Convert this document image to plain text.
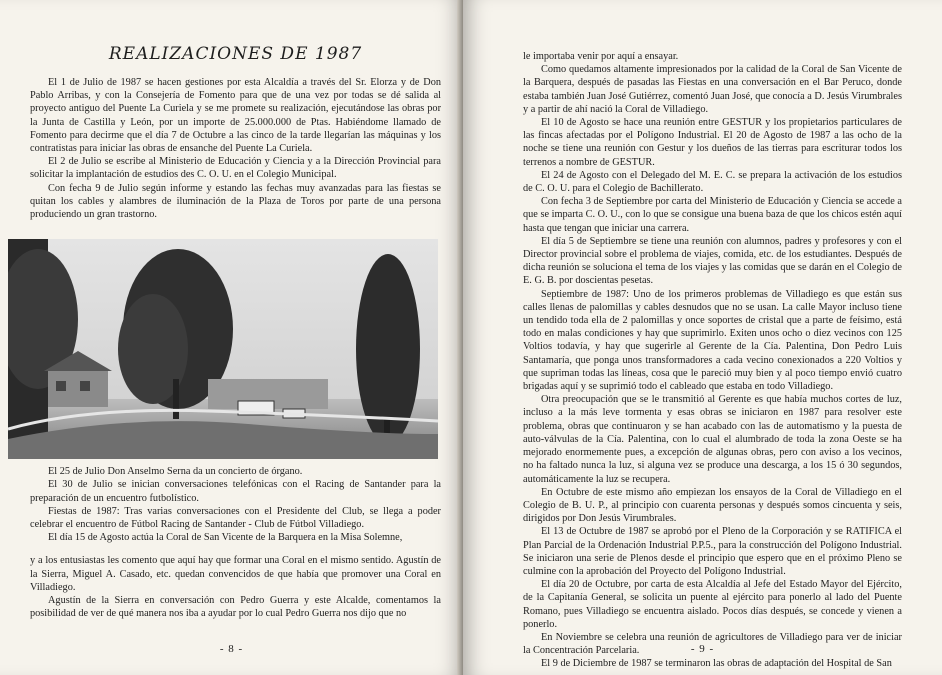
REALIZACIONES DE 1987

El 1 de Julio de 1987 se hacen gestiones por esta Alcaldía a través del Sr. Elorza y de Don Pablo Arribas, y con la Consejería de Fomento para que de una vez por todas se dé salida al proyecto antiguo del Puente La Curiela y se me promete su realización, ejecutándose las obras por la Junta de Castilla y León, por un importe de 25.000.000 de Ptas. Habiéndome llamado de Fomento para decirme que el día 7 de Octubre a las cinco de la tarde llegarían las máquinas y los contratistas para iniciar las obras de ensanche del Puente La Curiela.

El 2 de Julio se escribe al Ministerio de Educación y Ciencia y a la Dirección Provincial para solicitar la implantación de estudios des C. O. U. en el Colegio Municipal.

Con fecha 9 de Julio según informe y estando las fechas muy avanzadas para las fiestas se quitan los cables y alambres de iluminación de la Plaza de Toros por parte de una persona produciendo un gran trastorno.

El 25 de Julio Don Anselmo Serna da un concierto de órgano.

El 30 de Julio se inician conversaciones telefónicas con el Racing de Santander para la preparación de un encuentro futbolístico.

Fiestas de 1987: Tras varias conversaciones con el Presidente del Club, se llega a poder celebrar el encuentro de Fútbol Racing de Santander - Club de Fútbol Villadiego.

El día 15 de Agosto actúa la Coral de San Vicente de la Barquera en la Misa Solemne,

y a los entusiastas les comento que aquí hay que formar una Coral en el mismo sentido. Agustín de la Sierra, Miguel A. Casado, etc. quedan convencidos de que había que promover una Coral en Villadiego.

Agustín de la Sierra en conversación con Pedro Guerra y este Alcalde, comentamos la posibilidad de ver de qué manera nos iba a ayudar por lo cual Pedro Guerra nos dijo que no

- 8 -

le importaba venir por aquí a ensayar.

Como quedamos altamente impresionados por la calidad de la Coral de San Vicente de la Barquera, después de pasadas las Fiestas en una conversación en el Bar Peruco, donde estaba también Juan José Gutiérrez, comentó Juan José, que conocía a D. Jesús Virumbrales y a partir de ahí nació la Coral de Villadiego.

El 10 de Agosto se hace una reunión entre GESTUR y los propietarios particulares de las fincas afectadas por el Polígono Industrial. El 20 de Agosto de 1987 a las ocho de la noche se tiene una reunión con Gestur y los dueños de las tierras para escriturar todos los terrenos a nombre de GESTUR.

El 24 de Agosto con el Delegado del M. E. C. se prepara la activación de los estudios de C. O. U. para el Colegio de Bachillerato.

Con fecha 3 de Septiembre por carta del Ministerio de Educación y Ciencia se accede a que se imparta C. O. U., con lo que se consigue una buena baza de que los chicos estén aquí hasta que tengan que iniciar una carrera.

El día 5 de Septiembre se tiene una reunión con alumnos, padres y profesores y con el Director provincial sobre el problema de viajes, comida, etc. de los estudiantes. Después de dicha reunión se soluciona el tema de los viajes y las comidas que se darán en el Colegio de E. G. B. por doscientas pesetas.

Septiembre de 1987: Uno de los primeros problemas de Villadiego es que están sus calles llenas de palomillas y cables desnudos que no se usan. La calle Mayor incluso tiene un tendido toda ella de 2 palomillas y once soportes de cristal que a parte de feísimo, está todo en malas condiciones y hay que suprimirlo. Exiten unos ocho o diez vecinos con 125 Voltios todavía, y hay que sugerirle al Gerente de la Cía. Palentina, Don Pedro Luis Santamaría, que ponga unos transformadores a cada vecino conexionados a 220 Voltios y que supriman todas las líneas, cosa que le pareció muy bien y al poco tiempo envió cuatro brigadas aquí y se suprimió todo el cableado que estaba en todo Villadiego.

Otra preocupación que se le transmitió al Gerente es que había muchos cortes de luz, incluso a la más leve tormenta y esas obras se iniciaron en 1987 para resolver este problema, obras que continuaron y se han acabado con las de automatismo y la puesta de auto-válvulas de la Cía. Palentina, con lo cual el alumbrado de toda la zona Oeste se ha mejorado enormemente pues, a excepción de algunas obras, pero con aviso a los vecinos, no ha faltado nunca la luz, si alguna vez se produce una descarga, a los 15 ó 30 segundos, automáticamente la luz se recupera.

En Octubre de este mismo año empiezan los ensayos de la Coral de Villadiego en el Colegio de B. U. P., al principio con cuarenta personas y después somos cincuenta y seis, dirigidos por Don Jesús Virumbrales.

El 13 de Octubre de 1987 se aprobó por el Pleno de la Corporación y se RATIFICA el Plan Parcial de la Ordenación Industrial P.P.5., para la construcción del Polígono Industrial. Se iniciaron una serie de Plenos desde el principio que espero que en el próximo Pleno se culmine con la aprobación del Proyecto del Polígono Industrial.

El día 20 de Octubre, por carta de esta Alcaldía al Jefe del Estado Mayor del Ejército, de la Capitanía General, se solicita un puente al ejército para ponerlo al lado del Puente Romano, pues Villadiego se encuentra aislado. Pocos días después, se concede y vienen a ponerlo.

En Noviembre se celebra una reunión de agricultores de Villadiego para ver de iniciar la Concentración Parcelaria.

El 9 de Diciembre de 1987 se terminaron las obras de adaptación del Hospital de San

- 9 -
